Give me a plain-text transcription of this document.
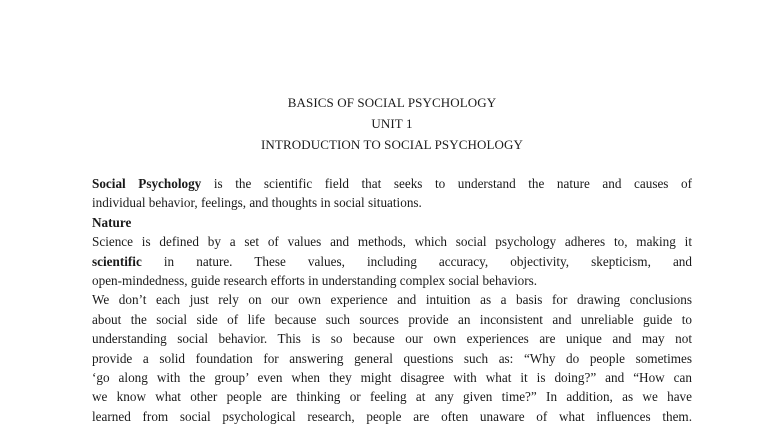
BASICS OF SOCIAL PSYCHOLOGY
UNIT 1
INTRODUCTION TO SOCIAL PSYCHOLOGY
Social Psychology is the scientific field that seeks to understand the nature and causes of
individual behavior, feelings, and thoughts in social situations.
Nature
Science is defined by a set of values and methods, which social psychology adheres to, making it
scientific in nature. These values, including accuracy, objectivity, skepticism, and
open-mindedness, guide research efforts in understanding complex social behaviors.
We don’t each just rely on our own experience and intuition as a basis for drawing conclusions
about the social side of life because such sources provide an inconsistent and unreliable guide to
understanding social behavior. This is so because our own experiences are unique and may not
provide a solid foundation for answering general questions such as: “Why do people sometimes
‘go along with the group’ even when they might disagree with what it is doing?” and “How can
we know what other people are thinking or feeling at any given time?” In addition, as we have
learned from social psychological research, people are often unaware of what influences them.
